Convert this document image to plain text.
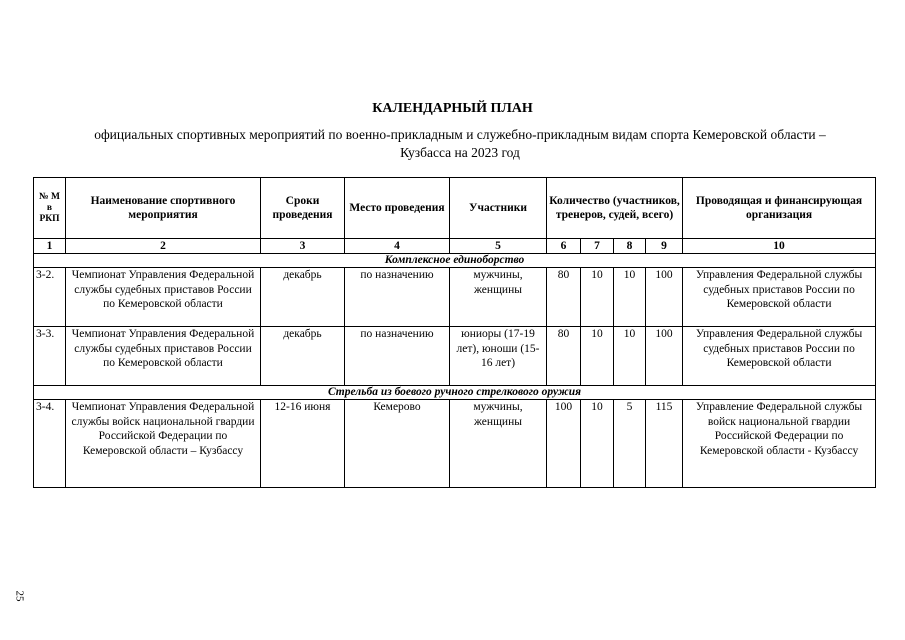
КАЛЕНДАРНЫЙ ПЛАН
официальных спортивных мероприятий по военно-прикладным и служебно-прикладным видам спорта Кемеровской области –
Кузбасса на 2023 год
№ М в РКП	Наименование спортивного мероприятия	Сроки проведения	Место проведения	Участники	Количество (участников, тренеров, судей, всего)				Проводящая и финансирующая организация
1	2	3	4	5	6	7	8	9	10
Комплексное единоборство									
3-2.	Чемпионат Управления Федеральной службы судебных приставов России по Кемеровской области	декабрь	по назначению	мужчины, женщины	80	10	10	100	Управления Федеральной службы судебных приставов России по Кемеровской области
3-3.	Чемпионат Управления Федеральной службы судебных приставов России по Кемеровской области	декабрь	по назначению	юниоры (17-19 лет), юноши (15-16 лет)	80	10	10	100	Управления Федеральной службы судебных приставов России по Кемеровской области
Стрельба из боевого ручного стрелкового оружия									
3-4.	Чемпионат Управления Федеральной службы войск национальной гвардии Российской Федерации по Кемеровской области – Кузбассу	12-16 июня	Кемерово	мужчины, женщины	100	10	5	115	Управление Федеральной службы войск национальной гвардии Российской Федерации по Кемеровской области - Кузбассу
25
